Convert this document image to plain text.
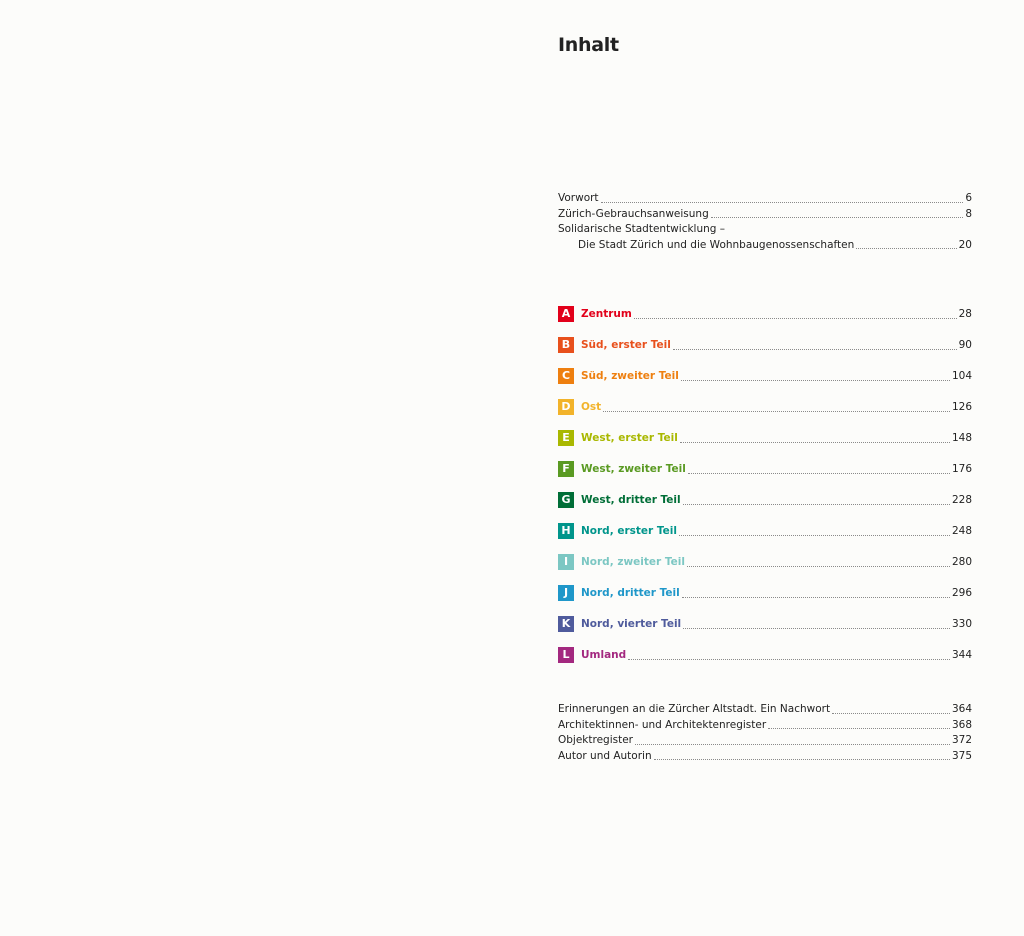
Inhalt
Vorwort	6
Zürich-Gebrauchsanweisung	8
Solidarische Stadtentwicklung –
Die Stadt Zürich und die Wohnbaugenossenschaften	20
A	Zentrum	28
B	Süd, erster Teil	90
C	Süd, zweiter Teil	104
D Ost	126
E	West, erster Teil	148
F	West, zweiter Teil	176
G West, dritter Teil	228
H Nord, erster Teil	248
I	Nord, zweiter Teil	280
J	Nord, dritter Teil	296
K	Nord, vierter Teil	330
L	Umland	344
Erinnerungen an die Zürcher Altstadt. Ein Nachwort	364
Architektinnen- und Architektenregister	368
Objektregister	372
Autor und Autorin	375
